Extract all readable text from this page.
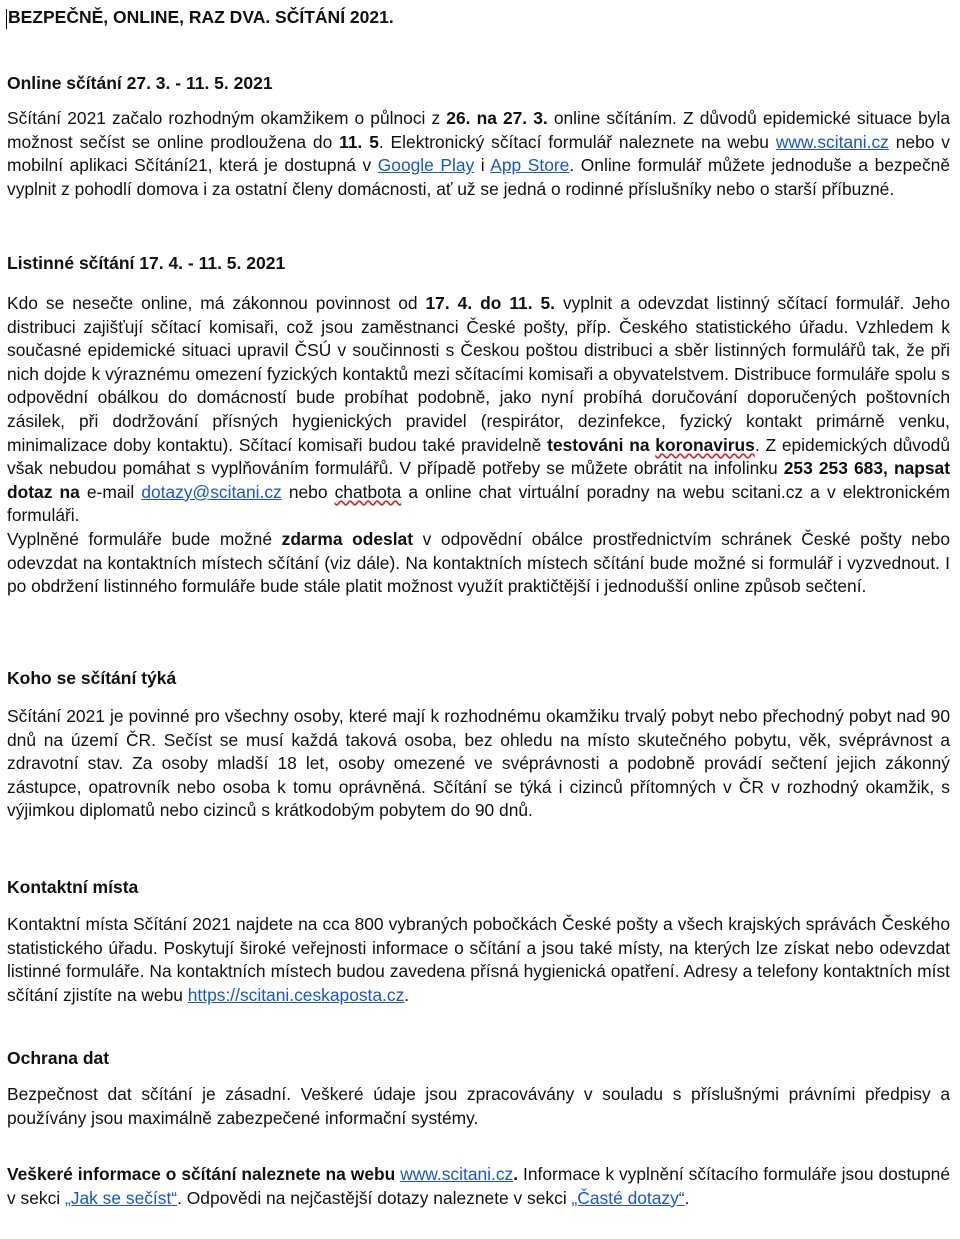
BEZPEČNĚ, ONLINE, RAZ DVA. SČÍTÁNÍ 2021.
Online sčítání 27. 3. - 11. 5. 2021
Sčítání 2021 začalo rozhodným okamžikem o půlnoci z 26. na 27. 3. online sčítáním. Z důvodů epidemické situace byla možnost sečíst se online prodloužena do 11. 5. Elektronický sčítací formulář naleznete na webu www.scitani.cz nebo v mobilní aplikaci Sčítání21, která je dostupná v Google Play i App Store. Online formulář můžete jednoduše a bezpečně vyplnit z pohodlí domova i za ostatní členy domácnosti, ať už se jedná o rodinné příslušníky nebo o starší příbuzné.
Listinné sčítání 17. 4. - 11. 5. 2021
Kdo se nesečte online, má zákonnou povinnost od 17. 4. do 11. 5. vyplnit a odevzdat listinný sčítací formulář. Jeho distribuci zajišťují sčítací komisaři, což jsou zaměstnanci České pošty, příp. Českého statistického úřadu. Vzhledem k současné epidemické situaci upravil ČSÚ v součinnosti s Českou poštou distribuci a sběr listinných formulářů tak, že při nich dojde k výraznému omezení fyzických kontaktů mezi sčítacími komisaři a obyvatelstvem. Distribuce formuláře spolu s odpovědní obálkou do domácností bude probíhat podobně, jako nyní probíhá doručování doporučených poštovních zásilek, při dodržování přísných hygienických pravidel (respirátor, dezinfekce, fyzický kontakt primárně venku, minimalizace doby kontaktu). Sčítací komisaři budou také pravidelně testováni na koronavirus. Z epidemických důvodů však nebudou pomáhat s vyplňováním formulářů. V případě potřeby se můžete obrátit na infolinku 253 253 683, napsat dotaz na e-mail dotazy@scitani.cz nebo chatbota a online chat virtuální poradny na webu scitani.cz a v elektronickém formuláři.
Vyplněné formuláře bude možné zdarma odeslat v odpovědní obálce prostřednictvím schránek České pošty nebo odevzdat na kontaktních místech sčítání (viz dále). Na kontaktních místech sčítání bude možné si formulář i vyzvednout. I po obdržení listinného formuláře bude stále platit možnost využít praktičtější i jednodušší online způsob sečtení.
Koho se sčítání týká
Sčítání 2021 je povinné pro všechny osoby, které mají k rozhodnému okamžiku trvalý pobyt nebo přechodný pobyt nad 90 dnů na území ČR. Sečíst se musí každá taková osoba, bez ohledu na místo skutečného pobytu, věk, svéprávnost a zdravotní stav. Za osoby mladší 18 let, osoby omezené ve svéprávnosti a podobně provádí sečtení jejich zákonný zástupce, opatrovník nebo osoba k tomu oprávněná. Sčítání se týká i cizinců přítomných v ČR v rozhodný okamžik, s výjimkou diplomatů nebo cizinců s krátkodobým pobytem do 90 dnů.
Kontaktní místa
Kontaktní místa Sčítání 2021 najdete na cca 800 vybraných pobočkách České pošty a všech krajských správách Českého statistického úřadu. Poskytují široké veřejnosti informace o sčítání a jsou také místy, na kterých lze získat nebo odevzdat listinné formuláře. Na kontaktních místech budou zavedena přísná hygienická opatření. Adresy a telefony kontaktních míst sčítání zjistíte na webu https://scitani.ceskaposta.cz.
Ochrana dat
Bezpečnost dat sčítání je zásadní. Veškeré údaje jsou zpracovávány v souladu s příslušnými právními předpisy a používány jsou maximálně zabezpečené informační systémy.
Veškeré informace o sčítání naleznete na webu www.scitani.cz. Informace k vyplnění sčítacího formuláře jsou dostupné v sekci „Jak se sečíst“. Odpovědi na nejčastější dotazy naleznete v sekci „Časté dotazy“.
